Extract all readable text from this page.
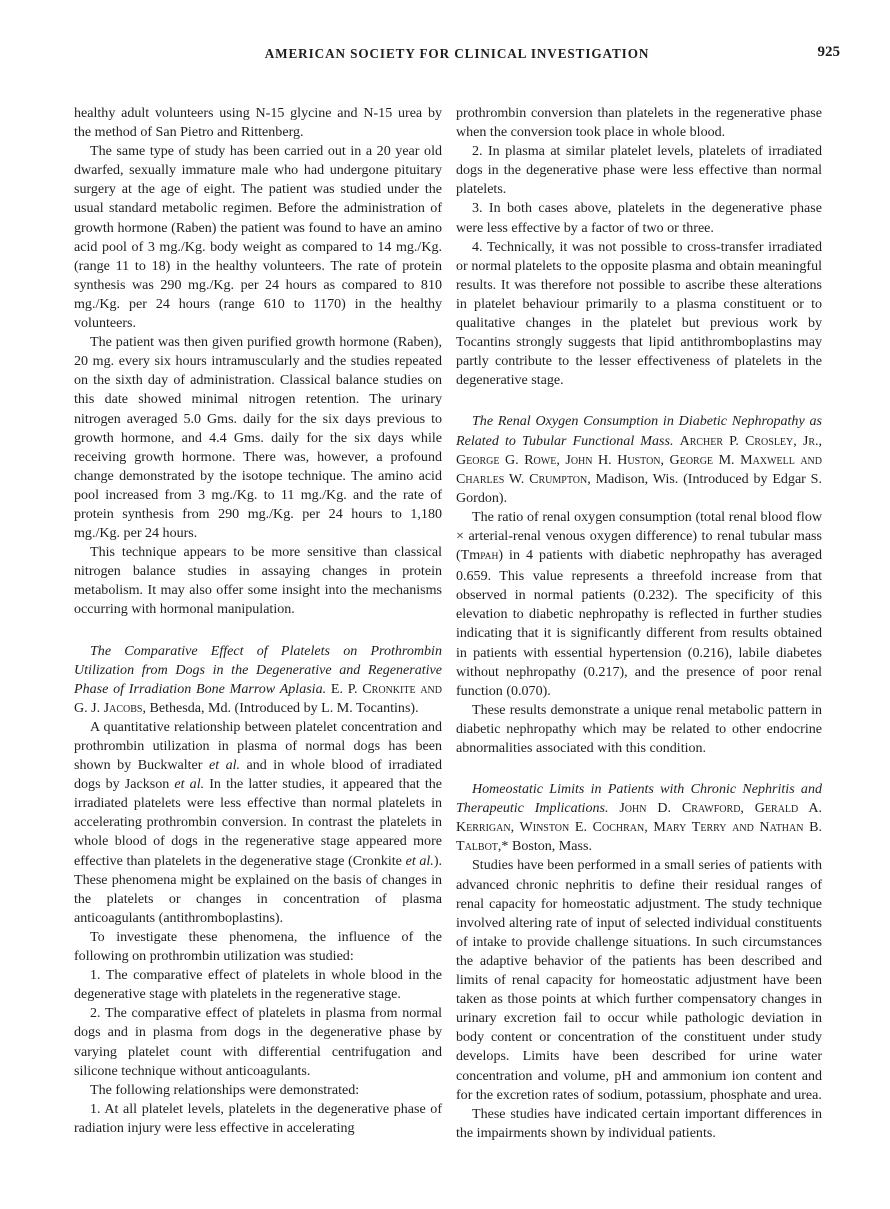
AMERICAN SOCIETY FOR CLINICAL INVESTIGATION	925

healthy adult volunteers using N-15 glycine and N-15 urea by the method of San Pietro and Rittenberg.

The same type of study has been carried out in a 20 year old dwarfed, sexually immature male who had undergone pituitary surgery at the age of eight. The patient was studied under the usual standard metabolic regimen. Before the administration of growth hormone (Raben) the patient was found to have an amino acid pool of 3 mg./Kg. body weight as compared to 14 mg./Kg. (range 11 to 18) in the healthy volunteers. The rate of protein synthesis was 290 mg./Kg. per 24 hours as compared to 810 mg./Kg. per 24 hours (range 610 to 1170) in the healthy volunteers.

The patient was then given purified growth hormone (Raben), 20 mg. every six hours intramuscularly and the studies repeated on the sixth day of administration. Classical balance studies on this date showed minimal nitrogen retention. The urinary nitrogen averaged 5.0 Gms. daily for the six days previous to growth hormone, and 4.4 Gms. daily for the six days while receiving growth hormone. There was, however, a profound change demonstrated by the isotope technique. The amino acid pool increased from 3 mg./Kg. to 11 mg./Kg. and the rate of protein synthesis from 290 mg./Kg. per 24 hours to 1,180 mg./Kg. per 24 hours.

This technique appears to be more sensitive than classical nitrogen balance studies in assaying changes in protein metabolism. It may also offer some insight into the mechanisms occurring with hormonal manipulation.

The Comparative Effect of Platelets on Prothrombin Utilization from Dogs in the Degenerative and Regenerative Phase of Irradiation Bone Marrow Aplasia. E. P. Cronkite and G. J. Jacobs, Bethesda, Md. (Introduced by L. M. Tocantins).

A quantitative relationship between platelet concentration and prothrombin utilization in plasma of normal dogs has been shown by Buckwalter et al. and in whole blood of irradiated dogs by Jackson et al. In the latter studies, it appeared that the irradiated platelets were less effective than normal platelets in accelerating prothrombin conversion. In contrast the platelets in whole blood of dogs in the regenerative stage appeared more effective than platelets in the degenerative stage (Cronkite et al.). These phenomena might be explained on the basis of changes in the platelets or changes in concentration of plasma anticoagulants (antithromboplastins).

To investigate these phenomena, the influence of the following on prothrombin utilization was studied:

1. The comparative effect of platelets in whole blood in the degenerative stage with platelets in the regenerative stage.

2. The comparative effect of platelets in plasma from normal dogs and in plasma from dogs in the degenerative phase by varying platelet count with differential centrifugation and silicone technique without anticoagulants.

The following relationships were demonstrated:

1. At all platelet levels, platelets in the degenerative phase of radiation injury were less effective in accelerating

prothrombin conversion than platelets in the regenerative phase when the conversion took place in whole blood.

2. In plasma at similar platelet levels, platelets of irradiated dogs in the degenerative phase were less effective than normal platelets.

3. In both cases above, platelets in the degenerative phase were less effective by a factor of two or three.

4. Technically, it was not possible to cross-transfer irradiated or normal platelets to the opposite plasma and obtain meaningful results. It was therefore not possible to ascribe these alterations in platelet behaviour primarily to a plasma constituent or to qualitative changes in the platelet but previous work by Tocantins strongly suggests that lipid antithromboplastins may partly contribute to the lesser effectiveness of platelets in the degenerative stage.

The Renal Oxygen Consumption in Diabetic Nephropathy as Related to Tubular Functional Mass. Archer P. Crosley, Jr., George G. Rowe, John H. Huston, George M. Maxwell and Charles W. Crumpton, Madison, Wis. (Introduced by Edgar S. Gordon).

The ratio of renal oxygen consumption (total renal blood flow × arterial-renal venous oxygen difference) to renal tubular mass (TmPAH) in 4 patients with diabetic nephropathy has averaged 0.659. This value represents a threefold increase from that observed in normal patients (0.232). The specificity of this elevation to diabetic nephropathy is reflected in further studies indicating that it is significantly different from results obtained in patients with essential hypertension (0.216), labile diabetes without nephropathy (0.217), and the presence of poor renal function (0.070).

These results demonstrate a unique renal metabolic pattern in diabetic nephropathy which may be related to other endocrine abnormalities associated with this condition.

Homeostatic Limits in Patients with Chronic Nephritis and Therapeutic Implications. John D. Crawford, Gerald A. Kerrigan, Winston E. Cochran, Mary Terry and Nathan B. Talbot,* Boston, Mass.

Studies have been performed in a small series of patients with advanced chronic nephritis to define their residual ranges of renal capacity for homeostatic adjustment. The study technique involved altering rate of input of selected individual constituents of intake to provide challenge situations. In such circumstances the adaptive behavior of the patients has been described and limits of renal capacity for homeostatic adjustment have been taken as those points at which further compensatory changes in urinary excretion fail to occur while pathologic deviation in body content or concentration of the constituent under study develops. Limits have been described for urine water concentration and volume, pH and ammonium ion content and for the excretion rates of sodium, potassium, phosphate and urea.

These studies have indicated certain important differences in the impairments shown by individual patients.
